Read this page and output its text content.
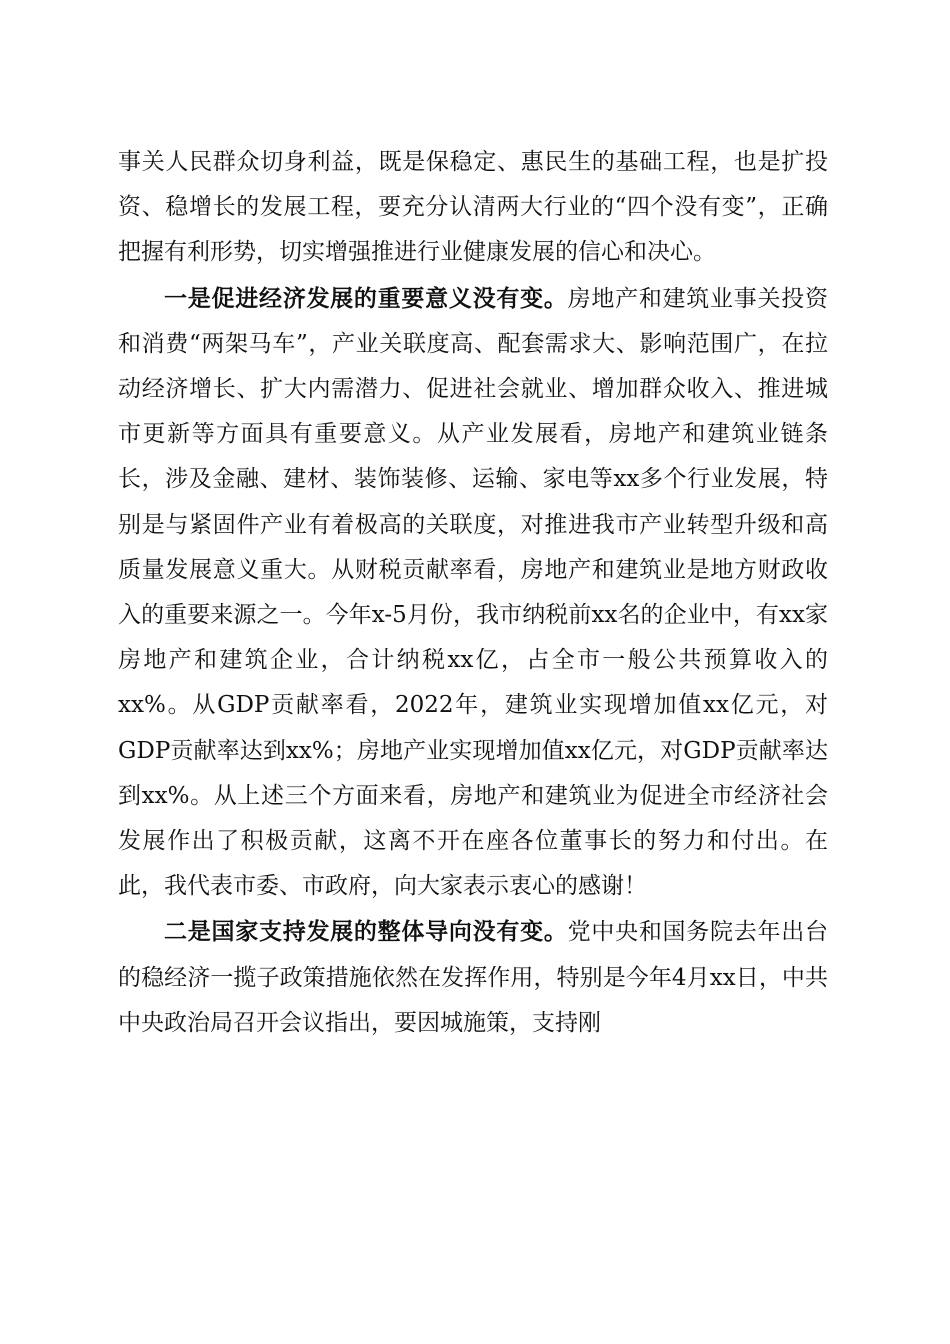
事关人民群众切身利益，既是保稳定、惠民生的基础工程，也是扩投资、稳增长的发展工程，要充分认清两大行业的“四个没有变”，正确把握有利形势，切实增强推进行业健康发展的信心和决心。

一是促进经济发展的重要意义没有变。房地产和建筑业事关投资和消费“两架马车”，产业关联度高、配套需求大、影响范围广，在拉动经济增长、扩大内需潜力、促进社会就业、增加群众收入、推进城市更新等方面具有重要意义。从产业发展看，房地产和建筑业链条长，涉及金融、建材、装饰装修、运输、家电等xx多个行业发展，特别是与紧固件产业有着极高的关联度，对推进我市产业转型升级和高质量发展意义重大。从财税贡献率看，房地产和建筑业是地方财政收入的重要来源之一。今年x-5月份，我市纳税前xx名的企业中，有xx家房地产和建筑企业，合计纳税xx亿，占全市一般公共预算收入的xx%。从GDP贡献率看，2022年，建筑业实现增加值xx亿元，对GDP贡献率达到xx%；房地产业实现增加值xx亿元，对GDP贡献率达到xx%。从上述三个方面来看，房地产和建筑业为促进全市经济社会发展作出了积极贡献，这离不开在座各位董事长的努力和付出。在此，我代表市委、市政府，向大家表示衷心的感谢！

二是国家支持发展的整体导向没有变。党中央和国务院去年出台的稳经济一揽子政策措施依然在发挥作用，特别是今年4月xx日，中共中央政治局召开会议指出，要因城施策，支持刚
